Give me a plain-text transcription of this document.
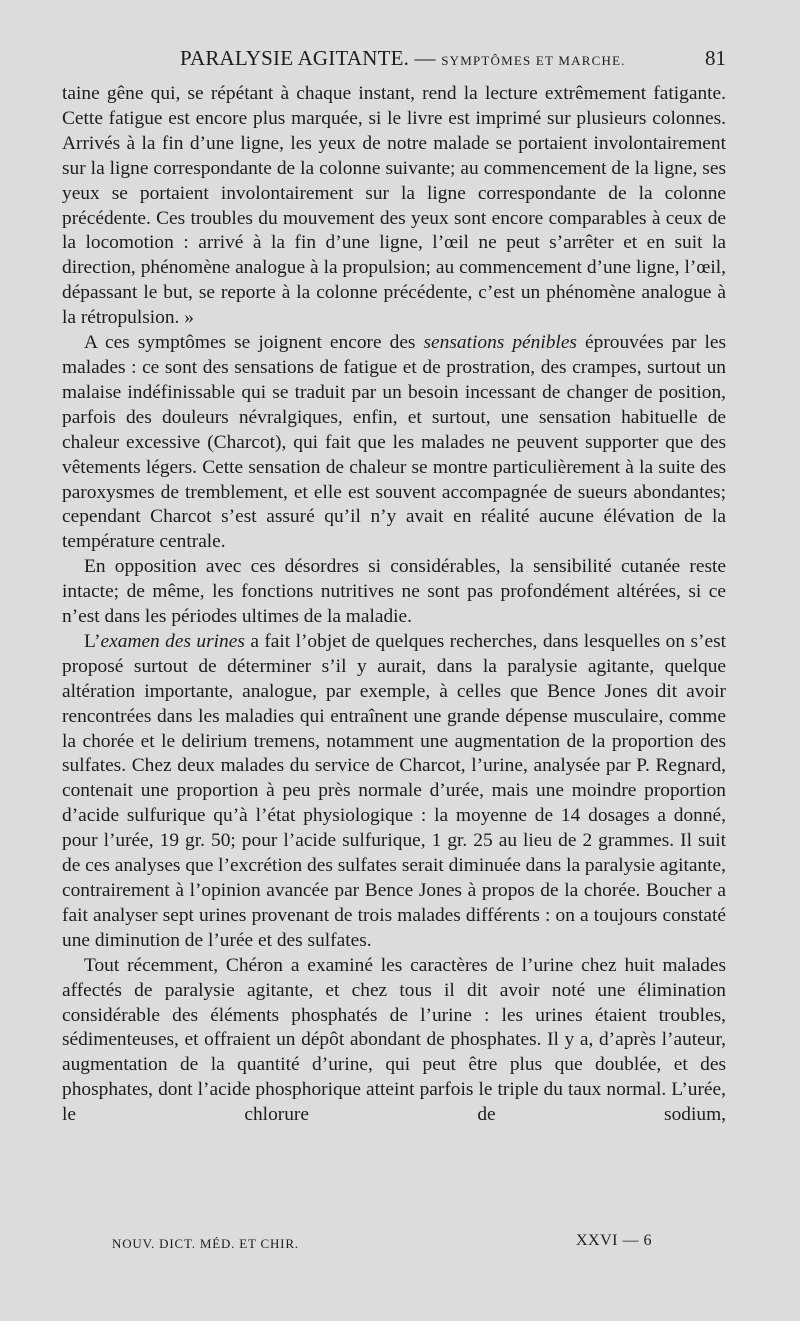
PARALYSIE AGITANTE. — SYMPTÔMES ET MARCHE.	81

taine gêne qui, se répétant à chaque instant, rend la lecture extrêmement fatigante. Cette fatigue est encore plus marquée, si le livre est imprimé sur plusieurs colonnes. Arrivés à la fin d’une ligne, les yeux de notre malade se portaient involontairement sur la ligne correspondante de la colonne suivante; au commencement de la ligne, ses yeux se portaient involontairement sur la ligne correspondante de la colonne précédente. Ces troubles du mouvement des yeux sont encore comparables à ceux de la locomotion : arrivé à la fin d’une ligne, l’œil ne peut s’arrêter et en suit la direction, phénomène analogue à la propulsion; au commencement d’une ligne, l’œil, dépassant le but, se reporte à la colonne précédente, c’est un phénomène analogue à la rétropulsion. »

A ces symptômes se joignent encore des sensations pénibles éprouvées par les malades : ce sont des sensations de fatigue et de prostration, des crampes, surtout un malaise indéfinissable qui se traduit par un besoin incessant de changer de position, parfois des douleurs névralgiques, enfin, et surtout, une sensation habituelle de chaleur excessive (Charcot), qui fait que les malades ne peuvent supporter que des vêtements légers. Cette sensation de chaleur se montre particulièrement à la suite des paroxysmes de tremblement, et elle est souvent accompagnée de sueurs abondantes; cependant Charcot s’est assuré qu’il n’y avait en réalité aucune élévation de la température centrale.

En opposition avec ces désordres si considérables, la sensibilité cutanée reste intacte; de même, les fonctions nutritives ne sont pas profondément altérées, si ce n’est dans les périodes ultimes de la maladie.

L’examen des urines a fait l’objet de quelques recherches, dans lesquelles on s’est proposé surtout de déterminer s’il y aurait, dans la paralysie agitante, quelque altération importante, analogue, par exemple, à celles que Bence Jones dit avoir rencontrées dans les maladies qui entraînent une grande dépense musculaire, comme la chorée et le delirium tremens, notamment une augmentation de la proportion des sulfates. Chez deux malades du service de Charcot, l’urine, analysée par P. Regnard, contenait une proportion à peu près normale d’urée, mais une moindre proportion d’acide sulfurique qu’à l’état physiologique : la moyenne de 14 dosages a donné, pour l’urée, 19 gr. 50; pour l’acide sulfurique, 1 gr. 25 au lieu de 2 grammes. Il suit de ces analyses que l’excrétion des sulfates serait diminuée dans la paralysie agitante, contrairement à l’opinion avancée par Bence Jones à propos de la chorée. Boucher a fait analyser sept urines provenant de trois malades différents : on a toujours constaté une diminution de l’urée et des sulfates.

Tout récemment, Chéron a examiné les caractères de l’urine chez huit malades affectés de paralysie agitante, et chez tous il dit avoir noté une élimination considérable des éléments phosphatés de l’urine : les urines étaient troubles, sédimenteuses, et offraient un dépôt abondant de phosphates. Il y a, d’après l’auteur, augmentation de la quantité d’urine, qui peut être plus que doublée, et des phosphates, dont l’acide phosphorique atteint parfois le triple du taux normal. L’urée, le chlorure de sodium,

NOUV. DICT. MÉD. ET CHIR.	XXVI — 6
